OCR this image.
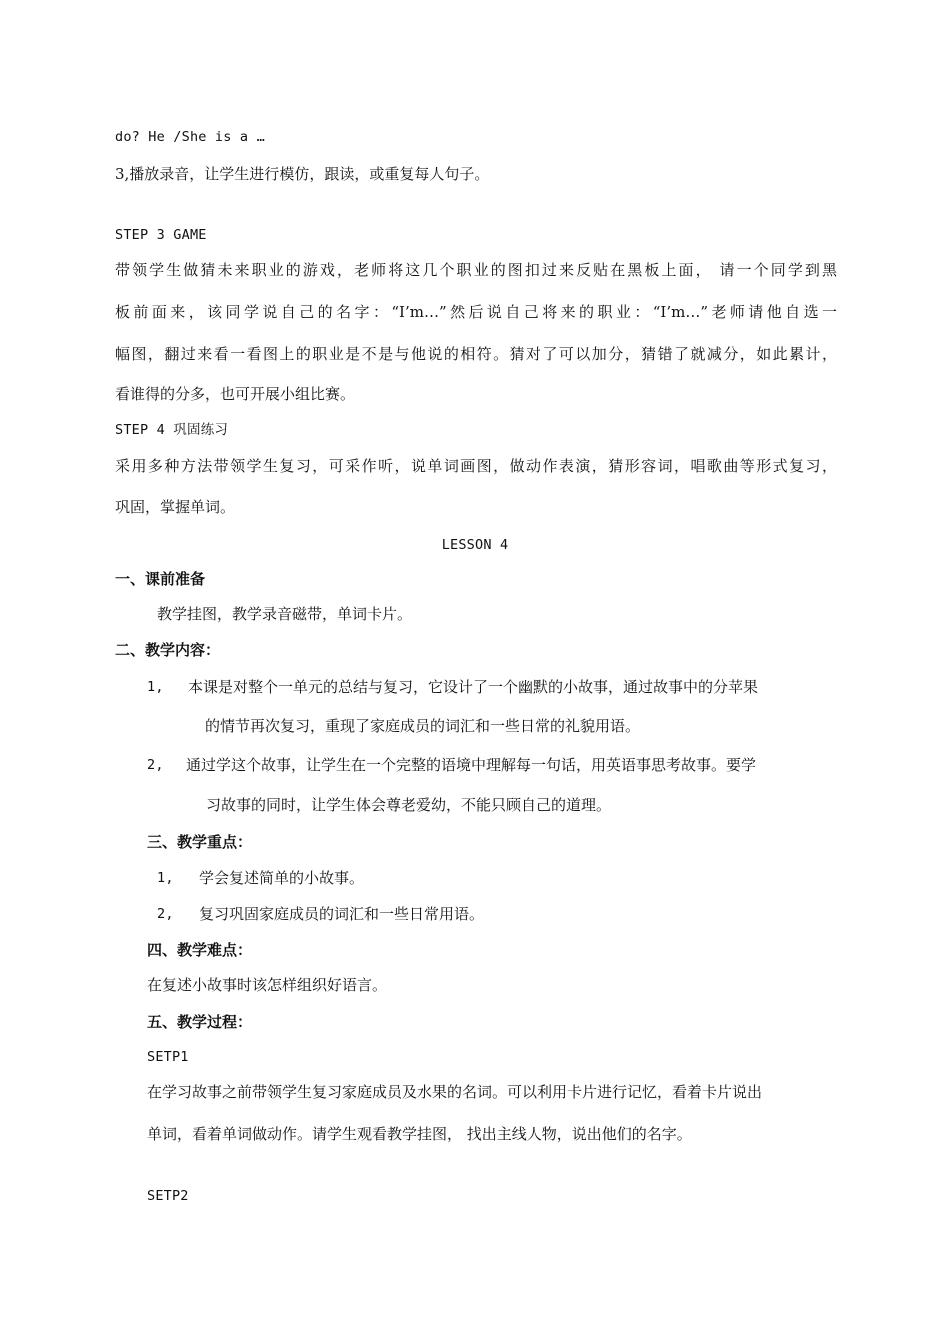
do? He /She is a …
3,播放录音，让学生进行模仿，跟读，或重复每人句子。
STEP 3 GAME
带领学生做猜未来职业的游戏，老师将这几个职业的图扣过来反贴在黑板上面， 请一个同学到黑
板前面来，该同学说自己的名字：“I’m…”然后说自己将来的职业：“I’m…”老师请他自选一
幅图，翻过来看一看图上的职业是不是与他说的相符。猜对了可以加分，猜错了就减分，如此累计，
看谁得的分多，也可开展小组比赛。
STEP 4 巩固练习
采用多种方法带领学生复习，可采作听，说单词画图，做动作表演，猜形容词，唱歌曲等形式复习，
巩固，掌握单词。
LESSON 4
一、课前准备
教学挂图，教学录音磁带，单词卡片。
二、教学内容：
1, 本课是对整个一单元的总结与复习，它设计了一个幽默的小故事，通过故事中的分苹果
的情节再次复习，重现了家庭成员的词汇和一些日常的礼貌用语。
2, 通过学这个故事，让学生在一个完整的语境中理解每一句话，用英语事思考故事。要学
习故事的同时，让学生体会尊老爱幼，不能只顾自己的道理。
三、教学重点：
1, 学会复述简单的小故事。
2, 复习巩固家庭成员的词汇和一些日常用语。
四、教学难点：
在复述小故事时该怎样组织好语言。
五、教学过程：
SETP1
在学习故事之前带领学生复习家庭成员及水果的名词。可以利用卡片进行记忆，看着卡片说出
单词，看着单词做动作。请学生观看教学挂图， 找出主线人物，说出他们的名字。
SETP2
